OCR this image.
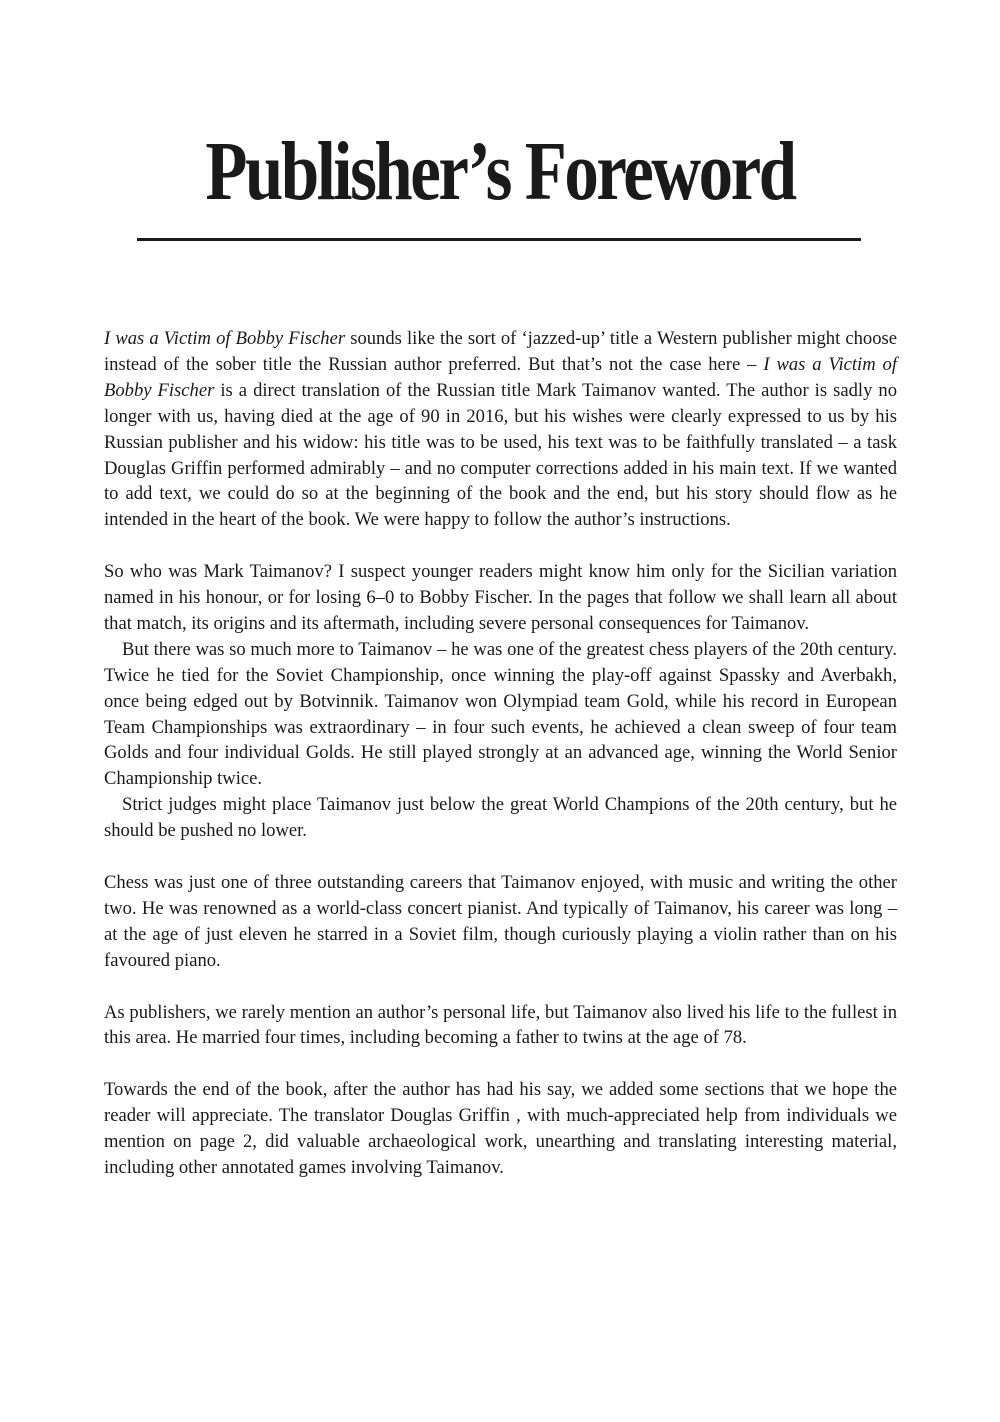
Publisher’s Foreword

I was a Victim of Bobby Fischer sounds like the sort of ‘jazzed-up’ title a Western publisher might choose instead of the sober title the Russian author preferred. But that’s not the case here – I was a Victim of Bobby Fischer is a direct translation of the Russian title Mark Taimanov wanted. The author is sadly no longer with us, having died at the age of 90 in 2016, but his wishes were clearly expressed to us by his Russian publisher and his widow: his title was to be used, his text was to be faithfully translated – a task Douglas Griffin performed admirably – and no computer corrections added in his main text. If we wanted to add text, we could do so at the beginning of the book and the end, but his story should flow as he intended in the heart of the book. We were happy to follow the author’s instructions.

So who was Mark Taimanov? I suspect younger readers might know him only for the Sicilian variation named in his honour, or for losing 6–0 to Bobby Fischer. In the pages that follow we shall learn all about that match, its origins and its aftermath, including severe personal consequences for Taimanov.

But there was so much more to Taimanov – he was one of the greatest chess players of the 20th century. Twice he tied for the Soviet Championship, once winning the play-off against Spassky and Averbakh, once being edged out by Botvinnik. Taimanov won Olympiad team Gold, while his record in European Team Championships was extraordinary – in four such events, he achieved a clean sweep of four team Golds and four individual Golds. He still played strongly at an advanced age, winning the World Senior Championship twice.

Strict judges might place Taimanov just below the great World Champions of the 20th century, but he should be pushed no lower.

Chess was just one of three outstanding careers that Taimanov enjoyed, with music and writing the other two. He was renowned as a world-class concert pianist. And typically of Taimanov, his career was long – at the age of just eleven he starred in a Soviet film, though curiously playing a violin rather than on his favoured piano.

As publishers, we rarely mention an author’s personal life, but Taimanov also lived his life to the fullest in this area. He married four times, including becoming a father to twins at the age of 78.

Towards the end of the book, after the author has had his say, we added some sections that we hope the reader will appreciate. The translator Douglas Griffin , with much-appreciated help from individuals we mention on page 2, did valuable archaeological work, unearthing and translating interesting material, including other annotated games involving Taimanov.
